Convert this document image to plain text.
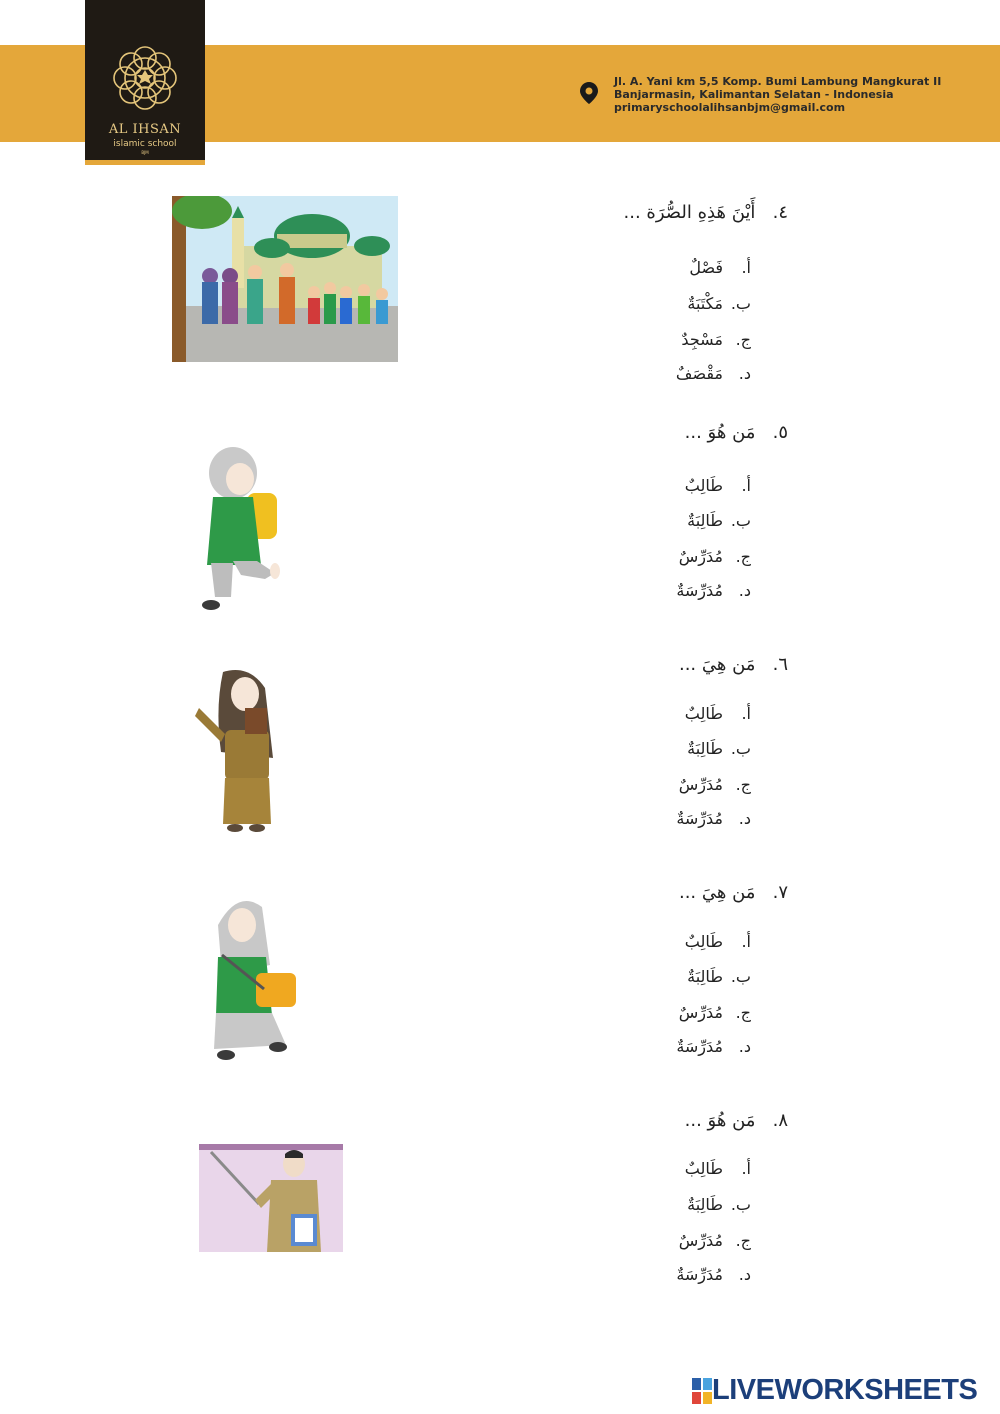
AL IHSAN
islamic school
BJM
Jl. A. Yani km 5,5 Komp. Bumi Lambung Mangkurat II
Banjarmasin, Kalimantan Selatan - Indonesia
primaryschoolalihsanbjm@gmail.com
٤.   أَيْنَ هَذِهِ الصُّرَة ...
أ.فَصْلٌ
ب.مَكْتَبَةٌ
ج.مَسْجِدٌ
د.مَقْصَفٌ
٥.   مَن هُوَ ...
أ.طَالِبٌ
ب.طَالِبَةٌ
ج.مُدَرِّسٌ
د.مُدَرِّسَةٌ
٦.   مَن هِيَ ...
أ.طَالِبٌ
ب.طَالِبَةٌ
ج.مُدَرِّسٌ
د.مُدَرِّسَةٌ
٧.   مَن هِيَ ...
أ.طَالِبٌ
ب.طَالِبَةٌ
ج.مُدَرِّسٌ
د.مُدَرِّسَةٌ
٨.   مَن هُوَ ...
أ.طَالِبٌ
ب.طَالِبَةٌ
ج.مُدَرِّسٌ
د.مُدَرِّسَةٌ
LIVEWORKSHEETS
